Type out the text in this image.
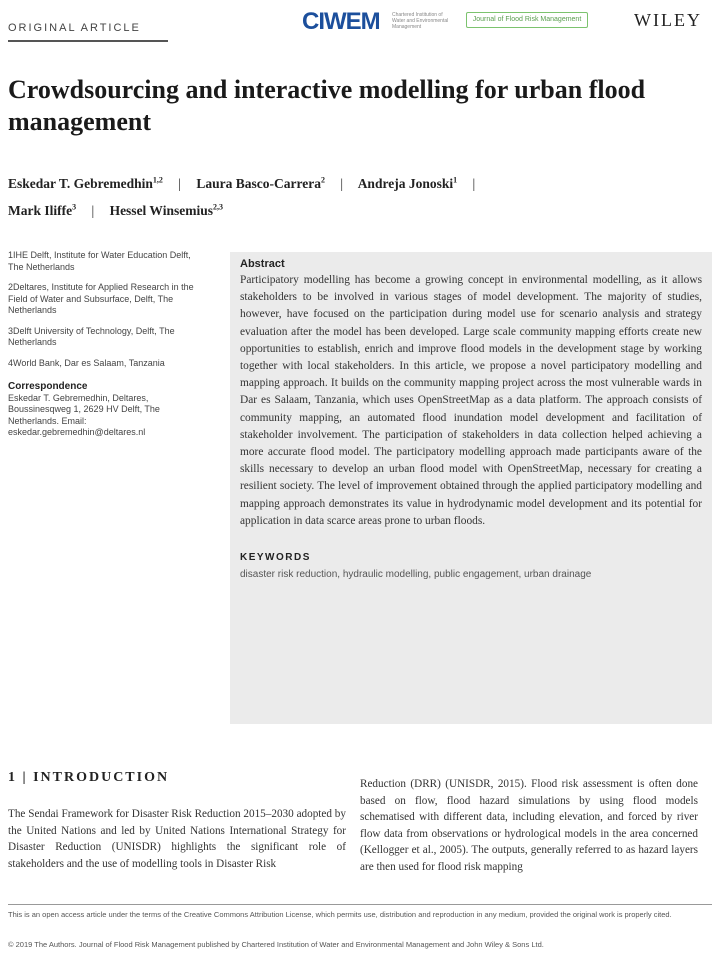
ORIGINAL ARTICLE	CIWEM Chartered Institution of Water and Environmental Management
Journal of Flood Risk Management	WILEY
Crowdsourcing and interactive modelling for urban flood management
Eskedar T. Gebremedhin$^{1,2}$ | Laura Basco-Carrera$^2$ | Andreja Jonoski$^1$ |
Mark Iliffe$^3$ | Hessel Winsemius$^{2,3}$

1IHE Delft, Institute for Water Education Delft, The Netherlands

2Deltares, Institute for Applied Research in the Field of Water and Subsurface, Delft, The Netherlands

3Delft University of Technology, Delft, The Netherlands

4World Bank, Dar es Salaam, Tanzania

Correspondence
Eskedar T. Gebremedhin, Deltares, Boussinesqweg 1, 2629 HV Delft, The Netherlands. Email: eskedar.gebremedhin@deltares.nl
Abstract
Participatory modelling has become a growing concept in environmental modelling, as it allows stakeholders to be involved in various stages of model development. The majority of studies, however, have focused on the participation during model use for scenario analysis and strategy evaluation after the model has been developed. Large scale community mapping efforts create new opportunities to establish, enrich and improve flood models in the development stage by working together with local stakeholders. In this article, we propose a novel participatory modelling and mapping approach. It builds on the community mapping project across the most vulnerable wards in Dar es Salaam, Tanzania, which uses OpenStreetMap as a data platform. The approach consists of community mapping, an automated flood inundation model development and facilitation of stakeholder involvement. The participation of stakeholders in data collection helped achieving a more accurate flood model. The participatory modelling approach made participants aware of the skills necessary to develop an urban flood model with OpenStreetMap, necessary for creating a resilient society. The level of improvement obtained through the applied participatory modelling and mapping approach demonstrates its value in hydrodynamic model development and its potential for application in data scarce areas prone to urban floods.
KEYWORDS
disaster risk reduction, hydraulic modelling, public engagement, urban drainage
1 | INTRODUCTION
The Sendai Framework for Disaster Risk Reduction 2015–2030 adopted by the United Nations and led by United Nations International Strategy for Disaster Reduction (UNISDR) highlights the significant role of stakeholders and the use of modelling tools in Disaster Risk
Reduction (DRR) (UNISDR, 2015). Flood risk assessment is often done based on flow, flood hazard simulations by using flood models schematised with different data, including elevation, and forced by river flow data from observations or hydrological models in the area concerned (Kellogger et al., 2005). The outputs, generally referred to as hazard layers are then used for flood risk mapping
This is an open access article under the terms of the Creative Commons Attribution License, which permits use, distribution and reproduction in any medium, provided the original work is properly cited.
© 2019 The Authors. Journal of Flood Risk Management published by Chartered Institution of Water and Environmental Management and John Wiley & Sons Ltd.
